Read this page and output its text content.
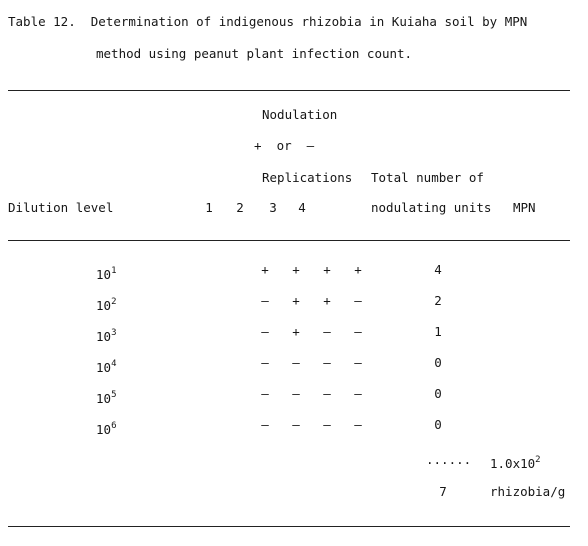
Table 12.  Determination of indigenous rhizobia in Kuiaha soil by MPN
method using peanut plant infection count.
Nodulation
+  or  –
Replications Total number of
Dilution level	1	2	3	4	nodulating units MPN
$10^1$	+	+	+	+	4
$10^2$	–	+	+	–	2
$10^3$	–	+	–	–	1
$10^4$	–	–	–	–	0
$10^5$	–	–	–	–	0
$10^6$	–	–	–	–	0
...... $1.0x10^2$
7	rhizobia/g
